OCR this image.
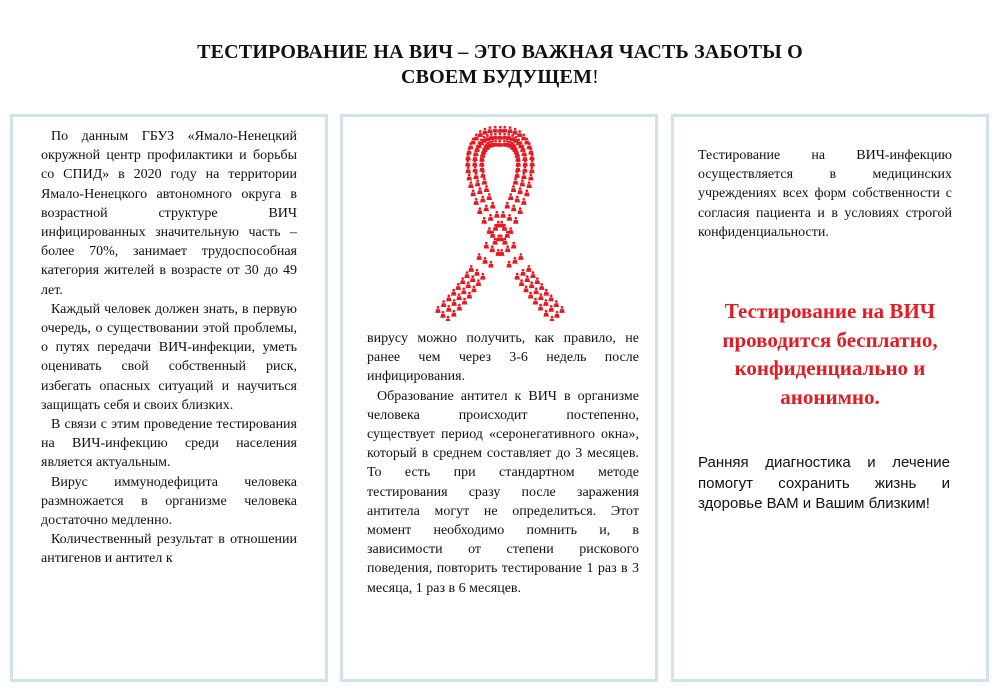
ТЕСТИРОВАНИЕ НА ВИЧ – ЭТО ВАЖНАЯ ЧАСТЬ ЗАБОТЫ О
СВОЕМ БУДУЩЕМ!

По данным ГБУЗ «Ямало-Ненецкий окружной центр профилактики и борьбы со СПИД» в 2020 году на территории Ямало-Ненецкого автономного округа в возрастной структуре ВИЧ инфицированных значительную часть – более 70%, занимает трудоспособная категория жителей в возрасте от 30 до 49 лет.

Каждый человек должен знать, в первую очередь, о существовании этой проблемы, о путях передачи ВИЧ-инфекции, уметь оценивать свой собственный риск, избегать опасных ситуаций и научиться защищать себя и своих близких.

В связи с этим проведение тестирования на ВИЧ-инфекцию среди населения является актуальным.

Вирус иммунодефицита человека размножается в организме человека достаточно медленно.

Количественный результат в отношении антигенов и антител к

вирусу можно получить, как правило, не ранее чем через 3-6 недель после инфицирования.

Образование антител к ВИЧ в организме человека происходит постепенно, существует период «серонегативного окна», который в среднем составляет до 3 месяцев. То есть при стандартном методе тестирования сразу после заражения антитела могут не определиться. Этот момент необходимо помнить и, в зависимости от степени рискового поведения, повторить тестирование 1 раз в 3 месяца, 1 раз в 6 месяцев.

Тестирование на ВИЧ-инфекцию осуществляется в медицинских учреждениях всех форм собственности с согласия пациента и в условиях строгой конфиденциальности.

Тестирование на ВИЧ проводится бесплатно, конфиденциально и анонимно.

Ранняя диагностика и лечение помогут сохранить жизнь и здоровье ВАМ и Вашим близким!
